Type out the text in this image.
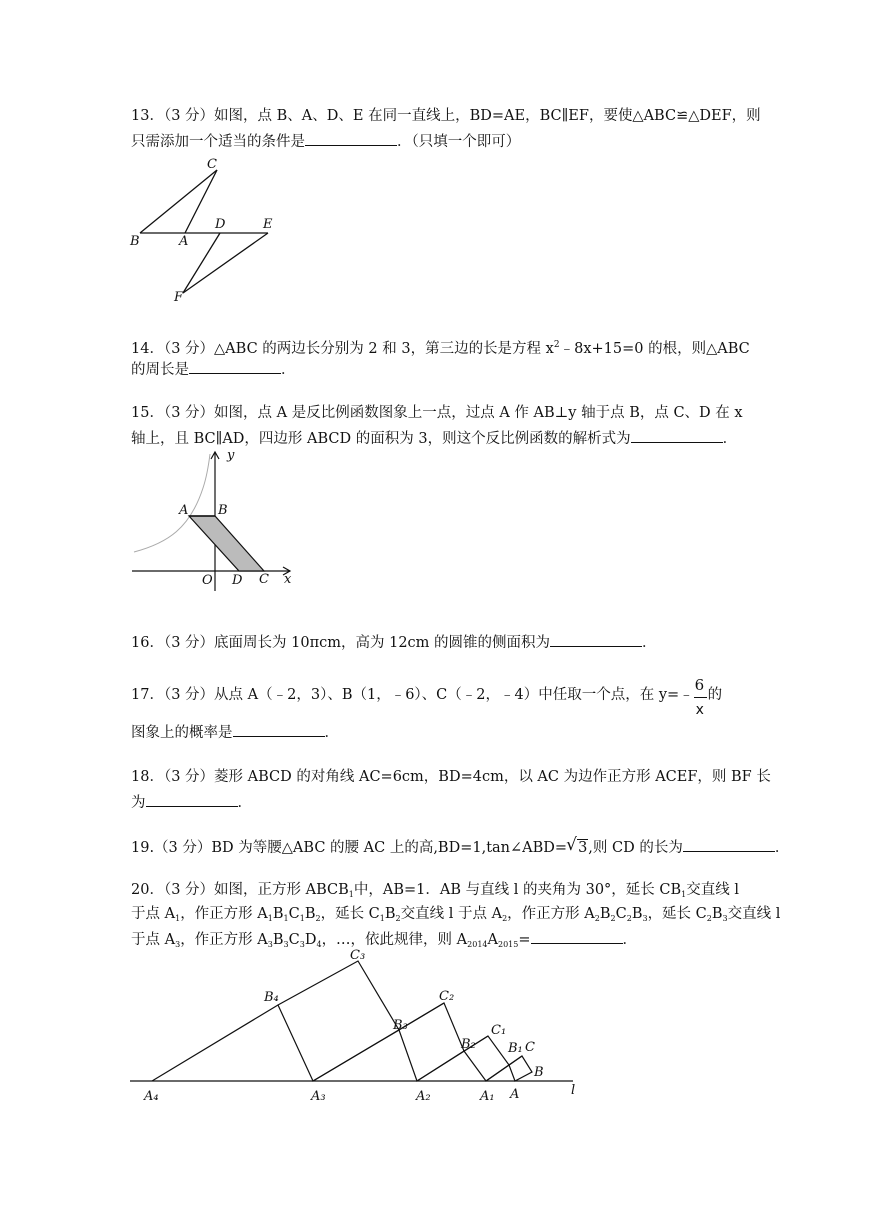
13．（3 分）如图，点 B、A、D、E 在同一直线上，BD=AE，BC∥EF，要使△ABC≌△DEF，则
只需添加一个适当的条件是	．（只填一个即可）
C
B	A
D	E
F
14．（3 分）△ABC 的两边长分别为 2 和 3，第三边的长是方程 $x^2﹣8x+15=0$ 的根，则△ABC
的周长是	．
15．（3 分）如图，点 A 是反比例函数图象上一点，过点 A 作 AB⊥y 轴于点 B，点 C、D 在 x
轴上，且 BC∥AD，四边形 ABCD 的面积为 3，则这个反比例函数的解析式为	．
y
A B
O D C x
16．（3 分）底面周长为 10πcm，高为 12cm 的圆锥的侧面积为	．
17．（3 分）从点 A（﹣2，3）、B（1，﹣6）、C（﹣2，﹣4）中任取一个点，在 y=﹣ $\frac{6}{x}$ 的
图象上的概率是	．
18．（3 分）菱形 ABCD 的对角线 AC=6cm，BD=4cm，以 AC 为边作正方形 ACEF，则 BF 长
为	．
19.（3 分）BD 为等腰△ABC 的腰 AC 上的高,BD=1,tan∠ABD=√ 3,则 CD 的长为	．
20．（3 分）如图，正方形 $ABCB_1$中，AB=1．AB 与直线 l 的夹角为 30°，延长 $CB_1$交直线 l
于点 $A_1$，作正方形 $A_1B_1C_1B_2$，延长 $C_1B_2$交直线 l 于点 $A_2$，作正方形 $A_2B_2C_2B_3$，延长 $C_2B_3$交直线 l
于点 $A_3$，作正方形 $A_3B_3C_3D_4$，…，依此规律，则 $A_{2014}A_{2015}=$	．
C₃
B₄	C₂
B₃	C₁
B₂ B₁ C
B
A₄	A₃	A₂	A₁ A	l
